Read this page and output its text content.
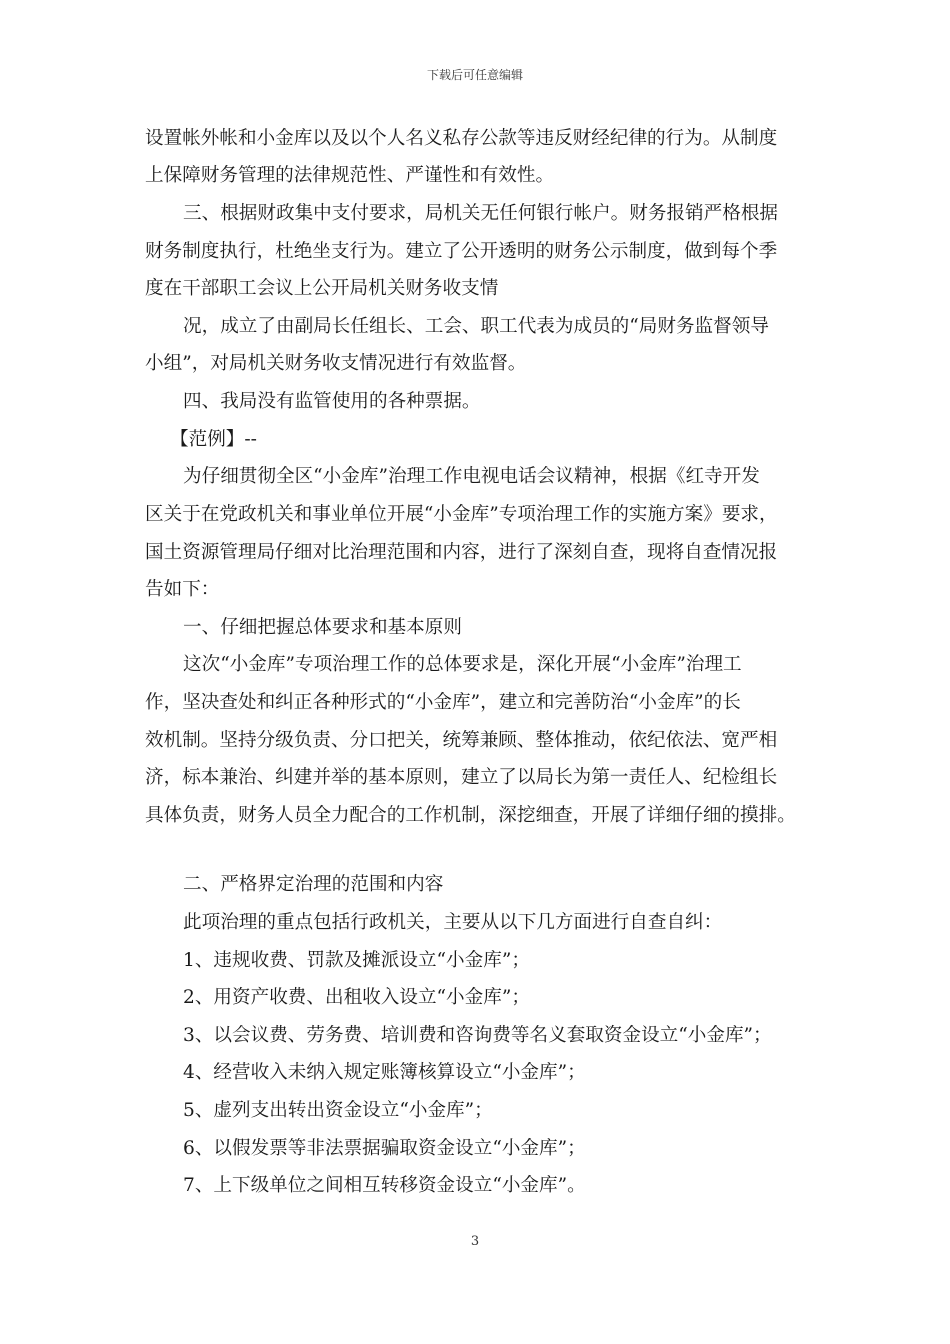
下载后可任意编辑
设置帐外帐和小金库以及以个人名义私存公款等违反财经纪律的行为。从制度
上保障财务管理的法律规范性、严谨性和有效性。
三、根据财政集中支付要求，局机关无任何银行帐户。财务报销严格根据
财务制度执行，杜绝坐支行为。建立了公开透明的财务公示制度，做到每个季
度在干部职工会议上公开局机关财务收支情
况，成立了由副局长任组长、工会、职工代表为成员的“局财务监督领导
小组”，对局机关财务收支情况进行有效监督。
四、我局没有监管使用的各种票据。
【范例】--
为仔细贯彻全区“小金库”治理工作电视电话会议精神，根据《红寺开发
区关于在党政机关和事业单位开展“小金库”专项治理工作的实施方案》要求，
国土资源管理局仔细对比治理范围和内容，进行了深刻自查，现将自查情况报
告如下：
一、仔细把握总体要求和基本原则
这次“小金库”专项治理工作的总体要求是，深化开展“小金库”治理工
作，坚决查处和纠正各种形式的“小金库”，建立和完善防治“小金库”的长
效机制。坚持分级负责、分口把关，统筹兼顾、整体推动，依纪依法、宽严相
济，标本兼治、纠建并举的基本原则，建立了以局长为第一责任人、纪检组长
具体负责，财务人员全力配合的工作机制，深挖细查，开展了详细仔细的摸排。
二、严格界定治理的范围和内容
此项治理的重点包括行政机关，主要从以下几方面进行自查自纠：
1、违规收费、罚款及摊派设立“小金库”；
2、用资产收费、出租收入设立“小金库”；
3、以会议费、劳务费、培训费和咨询费等名义套取资金设立“小金库”；
4、经营收入未纳入规定账簿核算设立“小金库”；
5、虚列支出转出资金设立“小金库”；
6、以假发票等非法票据骗取资金设立“小金库”；
7、上下级单位之间相互转移资金设立“小金库”。
3
